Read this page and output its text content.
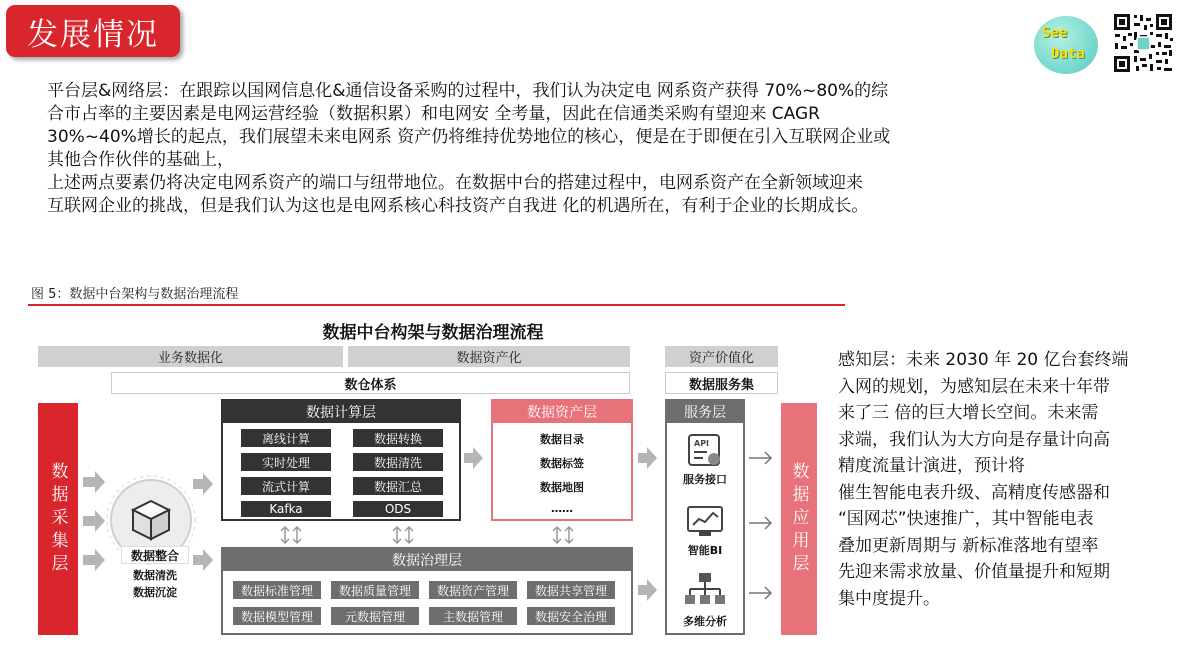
发展情况	See
Data
平台层&网络层：在跟踪以国网信息化&通信设备采购的过程中，我们认为决定电 网系资产获得 70%~80%的综
合市占率的主要因素是电网运营经验（数据积累）和电网安 全考量，因此在信通类采购有望迎来 CAGR
30%~40%增长的起点，我们展望未来电网系 资产仍将维持优势地位的核心，便是在于即便在引入互联网企业或
其他合作伙伴的基础上，
上述两点要素仍将决定电网系资产的端口与纽带地位。在数据中台的搭建过程中，电网系资产在全新领域迎来
互联网企业的挑战，但是我们认为这也是电网系核心科技资产自我进 化的机遇所在，有利于企业的长期成长。
图 5：数据中台架构与数据治理流程
数据中台构架与数据治理流程
业务数据化	数据资产化	资产价值化
数仓体系	数据服务集
数据采集层	数据应用层
数据整合
数据清洗
数据沉淀
数据计算层
离线计算	数据转换
实时处理	数据清洗
流式计算	数据汇总
Kafka	ODS
数据资产层
数据目录
数据标签
数据地图
……
数据治理层
数据标准管理	数据质量管理	数据资产管理	数据共享管理
数据模型管理	元数据管理	主数据管理	数据安全治理
服务层
API
服务接口
智能BI
多维分析
感知层：未来 2030 年 20 亿台套终端
入网的规划，为感知层在未来十年带
来了三 倍的巨大增长空间。未来需
求端，我们认为大方向是存量计向高
精度流量计演进，预计将
催生智能电表升级、高精度传感器和
“国网芯”快速推广，其中智能电表
叠加更新周期与 新标准落地有望率
先迎来需求放量、价值量提升和短期
集中度提升。
